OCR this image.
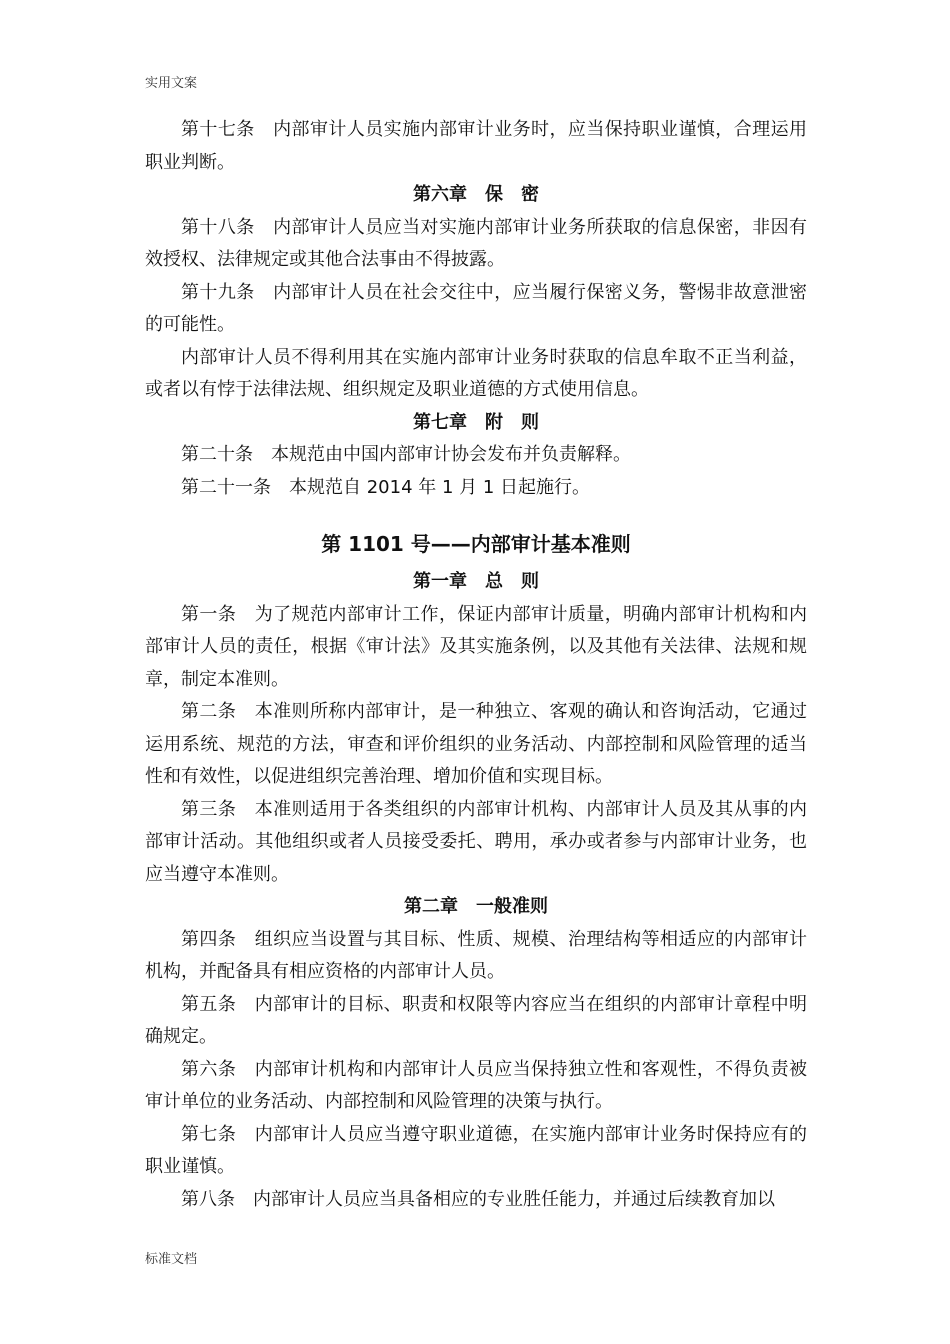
实用文案

第十七条　内部审计人员实施内部审计业务时，应当保持职业谨慎，合理运用职业判断。

第六章　保　密

第十八条　内部审计人员应当对实施内部审计业务所获取的信息保密，非因有效授权、法律规定或其他合法事由不得披露。

第十九条　内部审计人员在社会交往中，应当履行保密义务，警惕非故意泄密的可能性。

内部审计人员不得利用其在实施内部审计业务时获取的信息牟取不正当利益，或者以有悖于法律法规、组织规定及职业道德的方式使用信息。

第七章　附　则

第二十条　本规范由中国内部审计协会发布并负责解释。

第二十一条　本规范自 2014 年 1 月 1 日起施行。

第 1101 号——内部审计基本准则

第一章　总　则

第一条　为了规范内部审计工作，保证内部审计质量，明确内部审计机构和内部审计人员的责任，根据《审计法》及其实施条例，以及其他有关法律、法规和规章，制定本准则。

第二条　本准则所称内部审计，是一种独立、客观的确认和咨询活动，它通过运用系统、规范的方法，审查和评价组织的业务活动、内部控制和风险管理的适当性和有效性，以促进组织完善治理、增加价值和实现目标。

第三条　本准则适用于各类组织的内部审计机构、内部审计人员及其从事的内部审计活动。其他组织或者人员接受委托、聘用，承办或者参与内部审计业务，也应当遵守本准则。

第二章　一般准则

第四条　组织应当设置与其目标、性质、规模、治理结构等相适应的内部审计机构，并配备具有相应资格的内部审计人员。

第五条　内部审计的目标、职责和权限等内容应当在组织的内部审计章程中明确规定。

第六条　内部审计机构和内部审计人员应当保持独立性和客观性，不得负责被审计单位的业务活动、内部控制和风险管理的决策与执行。

第七条　内部审计人员应当遵守职业道德，在实施内部审计业务时保持应有的职业谨慎。

第八条　内部审计人员应当具备相应的专业胜任能力，并通过后续教育加以

标准文档
